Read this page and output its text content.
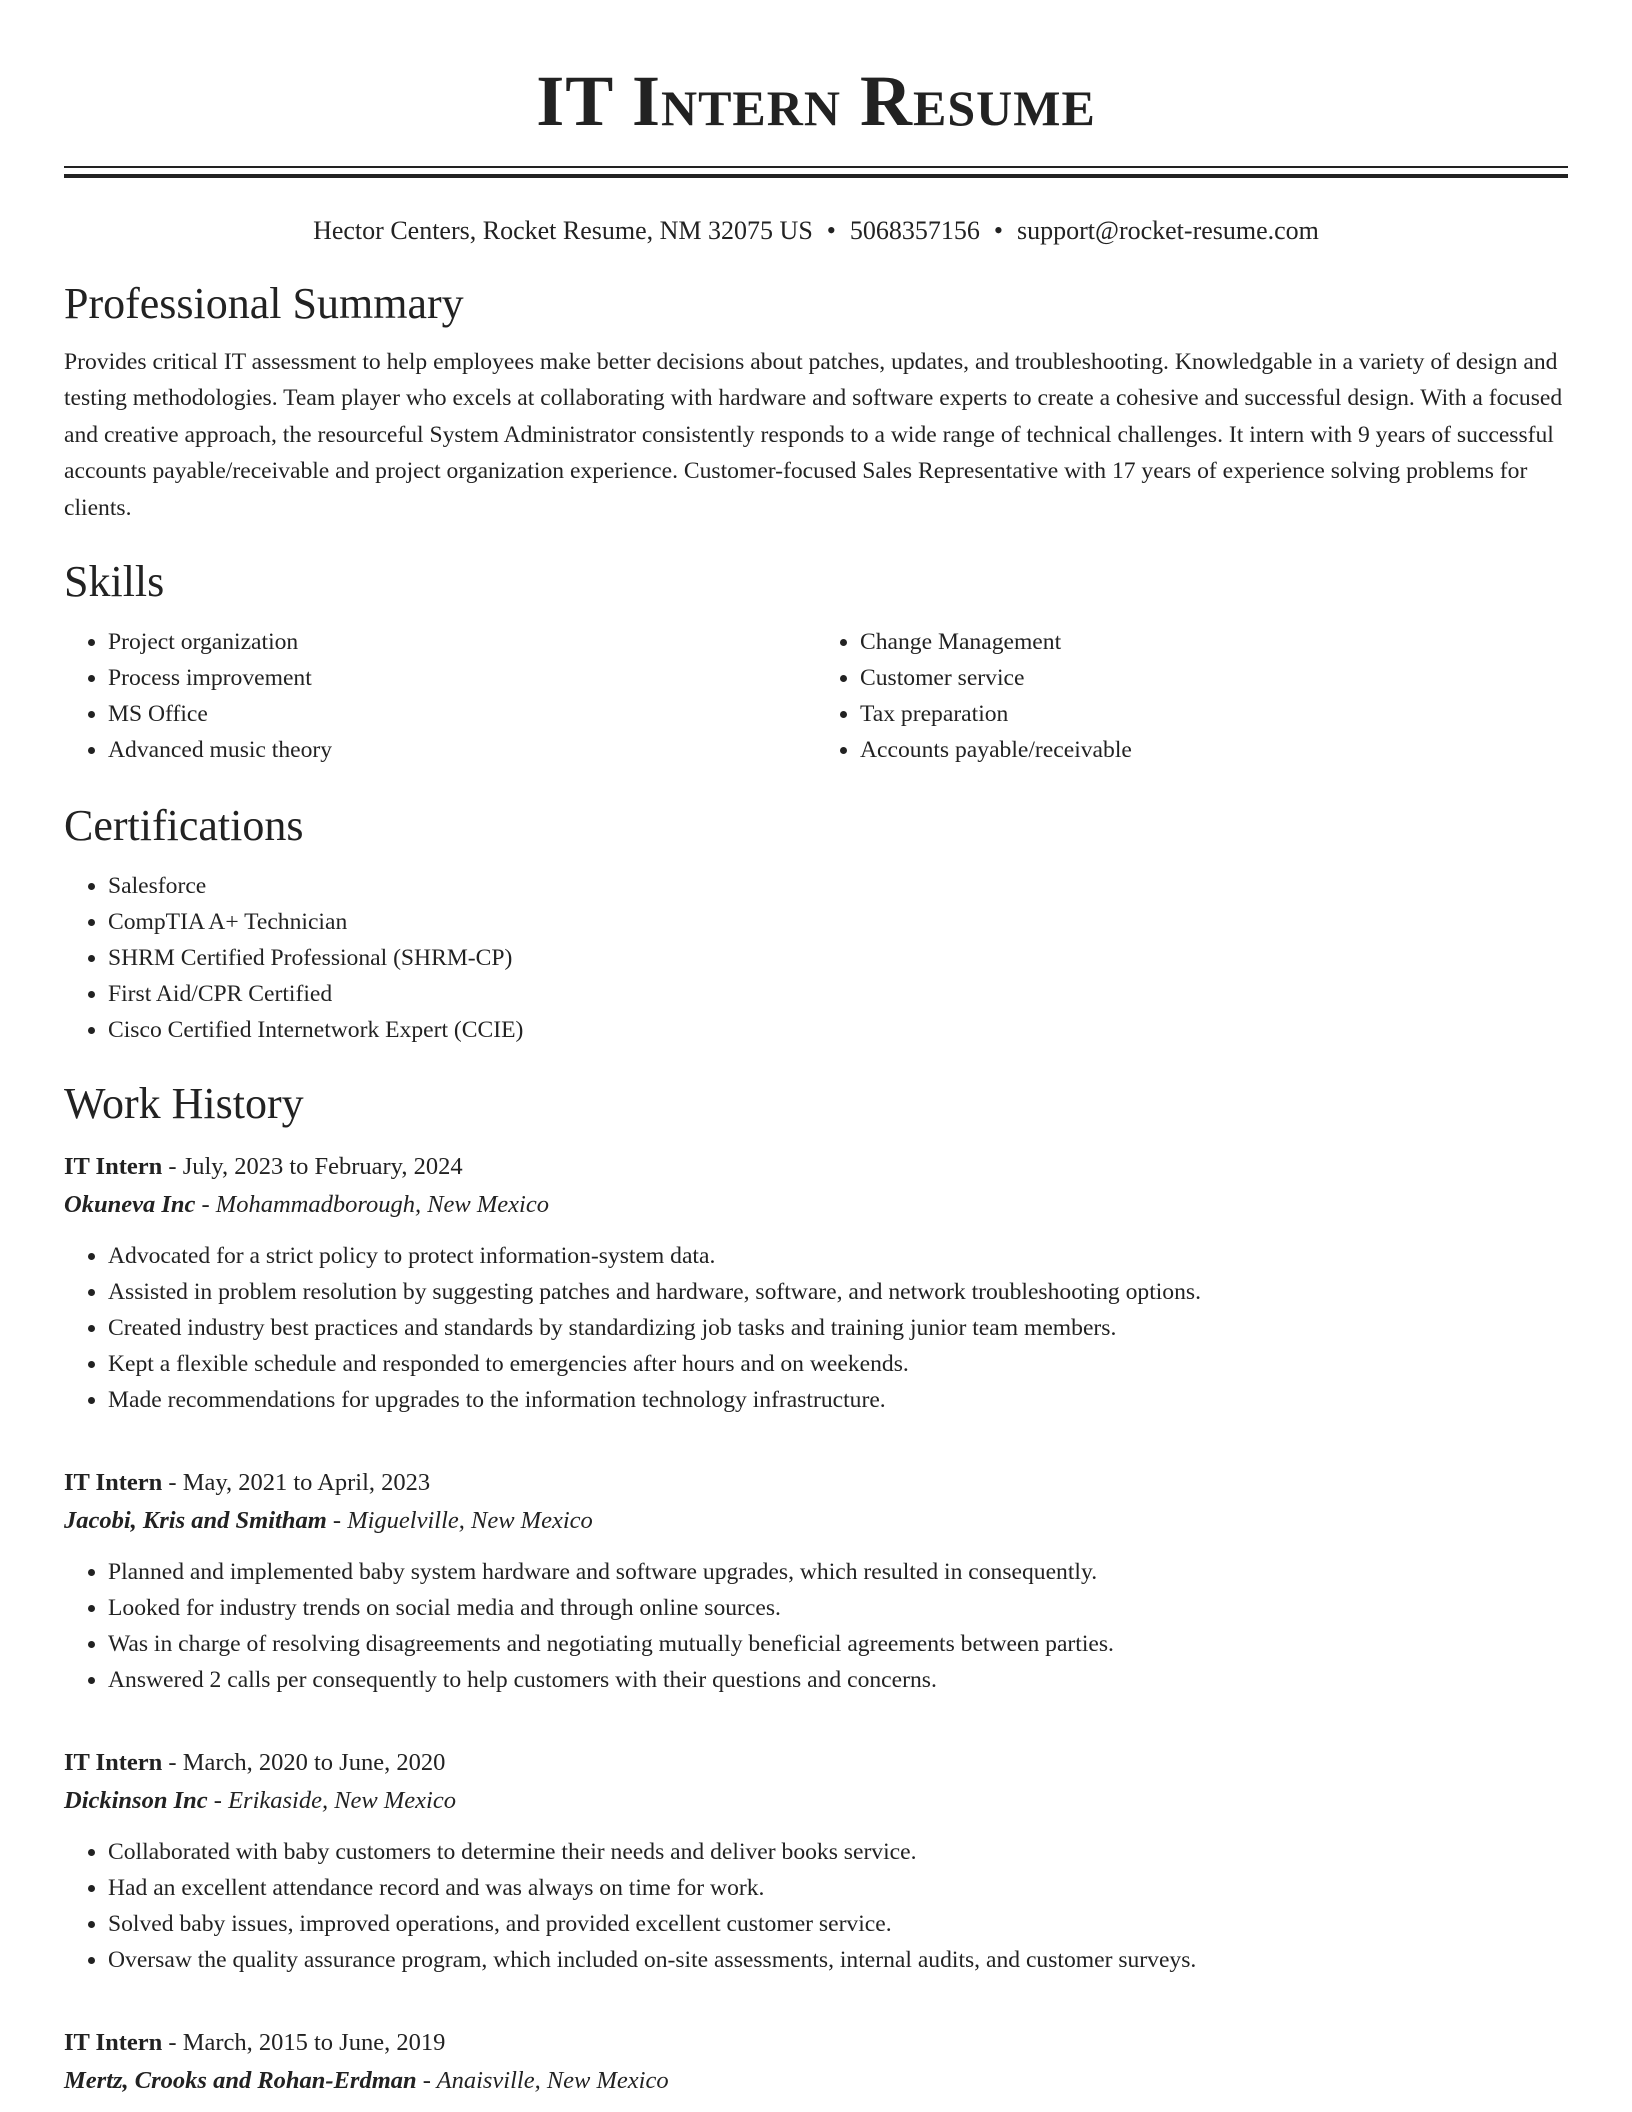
IT Intern Resume
Hector Centers, Rocket Resume, NM 32075 US • 5068357156 • support@rocket-resume.com
Professional Summary

Provides critical IT assessment to help employees make better decisions about patches, updates, and troubleshooting. Knowledgable in a variety of design and testing methodologies. Team player who excels at collaborating with hardware and software experts to create a cohesive and successful design. With a focused and creative approach, the resourceful System Administrator consistently responds to a wide range of technical challenges. It intern with 9 years of successful accounts payable/receivable and project organization experience. Customer-focused Sales Representative with 17 years of experience solving problems for clients.

Skills
• Project organization
• Process improvement
• MS Office
• Advanced music theory
• Change Management
• Customer service
• Tax preparation
• Accounts payable/receivable
Certifications
• Salesforce
• CompTIA A+ Technician
• SHRM Certified Professional (SHRM-CP)
• First Aid/CPR Certified
• Cisco Certified Internetwork Expert (CCIE)
Work History
IT Intern - July, 2023 to February, 2024
Okuneva Inc - Mohammadborough, New Mexico
• Advocated for a strict policy to protect information-system data.
• Assisted in problem resolution by suggesting patches and hardware, software, and network troubleshooting options.
• Created industry best practices and standards by standardizing job tasks and training junior team members.
• Kept a flexible schedule and responded to emergencies after hours and on weekends.
• Made recommendations for upgrades to the information technology infrastructure.
IT Intern - May, 2021 to April, 2023
Jacobi, Kris and Smitham - Miguelville, New Mexico
• Planned and implemented baby system hardware and software upgrades, which resulted in consequently.
• Looked for industry trends on social media and through online sources.
• Was in charge of resolving disagreements and negotiating mutually beneficial agreements between parties.
• Answered 2 calls per consequently to help customers with their questions and concerns.
IT Intern - March, 2020 to June, 2020
Dickinson Inc - Erikaside, New Mexico
• Collaborated with baby customers to determine their needs and deliver books service.
• Had an excellent attendance record and was always on time for work.
• Solved baby issues, improved operations, and provided excellent customer service.
• Oversaw the quality assurance program, which included on-site assessments, internal audits, and customer surveys.
IT Intern - March, 2015 to June, 2019
Mertz, Crooks and Rohan-Erdman - Anaisville, New Mexico
